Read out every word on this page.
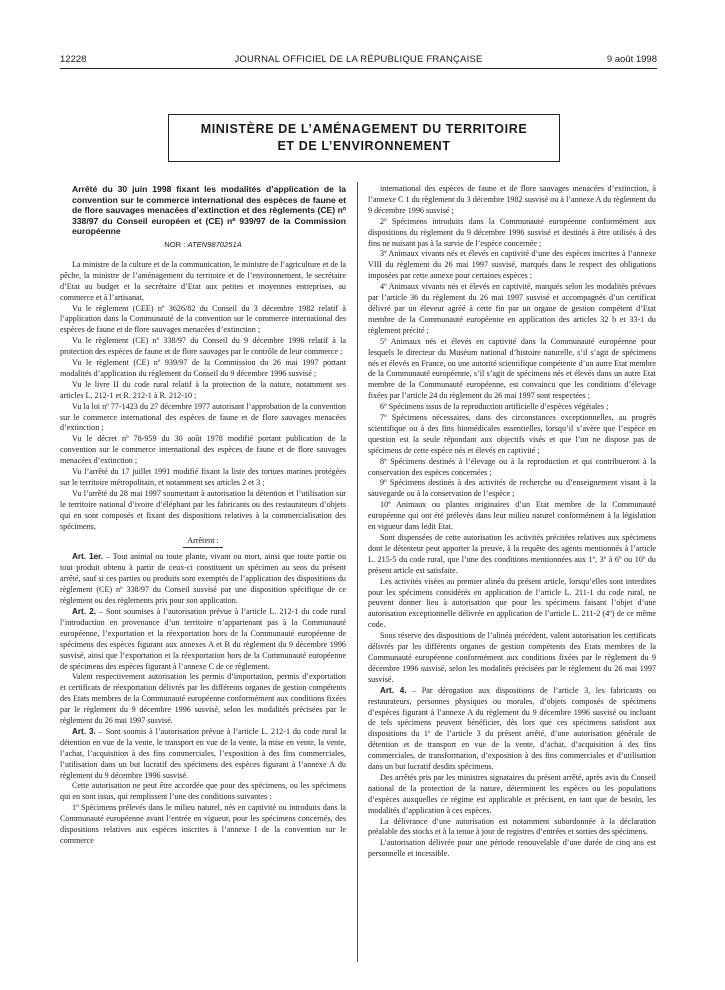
12228	JOURNAL OFFICIEL DE LA RÉPUBLIQUE FRANÇAISE	9 août 1998
MINISTÈRE DE L’AMÉNAGEMENT DU TERRITOIRE
ET DE L’ENVIRONNEMENT

Arrêté du 30 juin 1998 fixant les modalités d’application de la convention sur le commerce international des espèces de faune et de flore sauvages menacées d’extinction et des règlements (CE) nº 338/97 du Conseil européen et (CE) nº 939/97 de la Commission européenne

NOR : ATEN9870251A

La ministre de la culture et de la communication, le ministre de l’agriculture et de la pêche, la ministre de l’aménagement du territoire et de l’environnement, le secrétaire d’Etat au budget et la secrétaire d’Etat aux petites et moyennes entreprises, au commerce et à l’artisanat,

Vu le règlement (CEE) nº 3626/82 du Conseil du 3 décembre 1982 relatif à l’application dans la Communauté de la convention sur le commerce international des espèces de faune et de flore sauvages menacées d’extinction ;

Vu le règlement (CE) nº 338/97 du Conseil du 9 décembre 1996 relatif à la protection des espèces de faune et de flore sauvages par le contrôle de leur commerce ;

Vu le règlement (CE) nº 939/97 de la Commission du 26 mai 1997 portant modalités d’application du règlement du Conseil du 9 décembre 1996 susvisé ;

Vu le livre II du code rural relatif à la protection de la nature, notamment ses articles L. 212-1 et R. 212-1 à R. 212-10 ;

Vu la loi nº 77-1423 du 27 décembre 1977 autorisant l’approbation de la convention sur le commerce international des espèces de faune et de flore sauvages menacées d’extinction ;

Vu le décret nº 78-959 du 30 août 1978 modifié portant publication de la convention sur le commerce international des espèces de faune et de flore sauvages menacées d’extinction ;

Vu l’arrêté du 17 juillet 1991 modifié fixant la liste des tortues marines protégées sur le territoire métropolitain, et notamment ses articles 2 et 3 ;

Vu l’arrêté du 28 mai 1997 soumettant à autorisation la détention et l’utilisation sur le territoire national d’ivoire d’éléphant par les fabricants ou des restaurateurs d’objets qui en sont composés et fixant des dispositions relatives à la commercialisation des spécimens,

Arrêtent :

Art. 1er. – Tout animal ou toute plante, vivant ou mort, ainsi que toute partie ou tout produit obtenu à partir de ceux-ci constituent un spécimen au sens du présent arrêté, sauf si ces parties ou produits sont exemptés de l’application des dispositions du règlement (CE) nº 338/97 du Conseil susvisé par une disposition spécifique de ce règlement ou des règlements pris pour son application.

Art. 2. – Sont soumises à l’autorisation prévue à l’article L. 212-1 du code rural l’introduction en provenance d’un territoire n’appartenant pas à la Communauté européenne, l’exportation et la réexportation hors de la Communauté européenne de spécimens des espèces figurant aux annexes A et B du règlement du 9 décembre 1996 susvisé, ainsi que l’exportation et la réexportation hors de la Communauté européenne de spécimens des espèces figurant à l’annexe C de ce règlement.

Valent respectivement autorisation les permis d’importation, permis d’exportation et certificats de réexportation délivrés par les différents organes de gestion compétents des Etats membres de la Communauté européenne conformément aux conditions fixées par le règlement du 9 décembre 1996 susvisé, selon les modalités précisées par le règlement du 26 mai 1997 susvisé.

Art. 3. – Sont soumis à l’autorisation prévue à l’article L. 212-1 du code rural la détention en vue de la vente, le transport en vue de la vente, la mise en vente, la vente, l’achat, l’acquisition à des fins commerciales, l’exposition à des fins commerciales, l’utilisation dans un but lucratif des spécimens des espèces figurant à l’annexe A du règlement du 9 décembre 1996 susvisé.

Cette autorisation ne peut être accordée que pour des spécimens, ou les spécimens qui en sont issus, qui remplissent l’une des conditions suivantes :

1º Spécimens prélevés dans le milieu naturel, nés en captivité ou introduits dans la Communauté européenne avant l’entrée en vigueur, pour les spécimens concernés, des dispositions relatives aux espèces inscrites à l’annexe I de la convention sur le commerce

international des espèces de faune et de flore sauvages menacées d’extinction, à l’annexe C 1 du règlement du 3 décembre 1982 susvisé ou à l’annexe A du règlement du 9 décembre 1996 susvisé ;

2º Spécimens introduits dans la Communauté européenne conformément aux dispositions du règlement du 9 décembre 1996 susvisé et destinés à être utilisés à des fins ne nuisant pas à la survie de l’espèce concernée ;

3º Animaux vivants nés et élevés en captivité d’une des espèces inscrites à l’annexe VIII du règlement du 26 mai 1997 susvisé, marqués dans le respect des obligations imposées par cette annexe pour certaines espèces ;

4º Animaux vivants nés et élevés en captivité, marqués selon les modalités prévues par l’article 36 du règlement du 26 mai 1997 susvisé et accompagnés d’un certificat délivré par un éleveur agréé à cette fin par un organe de gestion compétent d’Etat membre de la Communauté européenne en application des articles 32 b et 33-1 du règlement précité ;

5º Animaux nés et élevés en captivité dans la Communauté européenne pour lesquels le directeur du Muséum national d’histoire naturelle, s’il s’agit de spécimens nés et élevés en France, ou une autorité scientifique compétente d’un autre Etat membre de la Communauté européenne, s’il s’agit de spécimens nés et élevés dans un autre Etat membre de la Communauté européenne, est convaincu que les conditions d’élevage fixées par l’article 24 du règlement du 26 mai 1997 sont respectées ;

6º Spécimens issus de la reproduction artificielle d’espèces végétales ;

7º Spécimens nécessaires, dans des circonstances exceptionnelles, au progrès scientifique ou à des fins biomédicales essentielles, lorsqu’il s’avère que l’espèce en question est la seule répondant aux objectifs visés et que l’on ne dispose pas de spécimens de cette espèce nés et élevés en captivité ;

8º Spécimens destinés à l’élevage ou à la reproduction et qui contribueront à la conservation des espèces concernées ;

9º Spécimens destinés à des activités de recherche ou d’enseignement visant à la sauvegarde ou à la conservation de l’espèce ;

10º Animaux ou plantes originaires d’un Etat membre de la Communauté européenne qui ont été prélevés dans leur milieu naturel conformément à la législation en vigueur dans ledit Etat.

Sont dispensées de cette autorisation les activités précitées relatives aux spécimens dont le détenteur peut apporter la preuve, à la requête des agents mentionnés à l’article L. 215-5 du code rural, que l’une des conditions mentionnées aux 1º, 3º à 6º ou 10º du présent article est satisfaite.

Les activités visées au premier alinéa du présent article, lorsqu’elles sont interdites pour les spécimens considérés en application de l’article L. 211-1 du code rural, ne peuvent donner lieu à autorisation que pour les spécimens faisant l’objet d’une autorisation exceptionnelle délivrée en application de l’article L. 211-2 (4º) de ce même code.

Sous réserve des dispositions de l’alinéa précédent, valent autorisation les certificats délivrés par les différents organes de gestion compétents des Etats membres de la Communauté européenne conformément aux conditions fixées par le règlement du 9 décembre 1996 susvisé, selon les modalités précisées par le règlement du 26 mai 1997 susvisé.

Art. 4. – Par dérogation aux dispositions de l’article 3, les fabricants ou restaurateurs, personnes physiques ou morales, d’objets composés de spécimens d’espèces figurant à l’annexe A du règlement du 9 décembre 1996 susvisé ou incluant de tels spécimens peuvent bénéficier, dès lors que ces spécimens satisfont aux dispositions du 1º de l’article 3 du présent arrêté, d’une autorisation générale de détention et de transport en vue de la vente, d’achat, d’acquisition à des fins commerciales, de transformation, d’exposition à des fins commerciales et d’utilisation dans un but lucratif desdits spécimens.

Des arrêtés pris par les ministres signataires du présent arrêté, après avis du Conseil national de la protection de la nature, déterminent les espèces ou les populations d’espèces auxquelles ce régime est applicable et précisent, en tant que de besoin, les modalités d’application à ces espèces.

La délivrance d’une autorisation est notamment subordonnée à la déclaration préalable des stocks et à la tenue à jour de registres d’entrées et sorties des spécimens.

L’autorisation délivrée pour une période renouvelable d’une durée de cinq ans est personnelle et incessible.
